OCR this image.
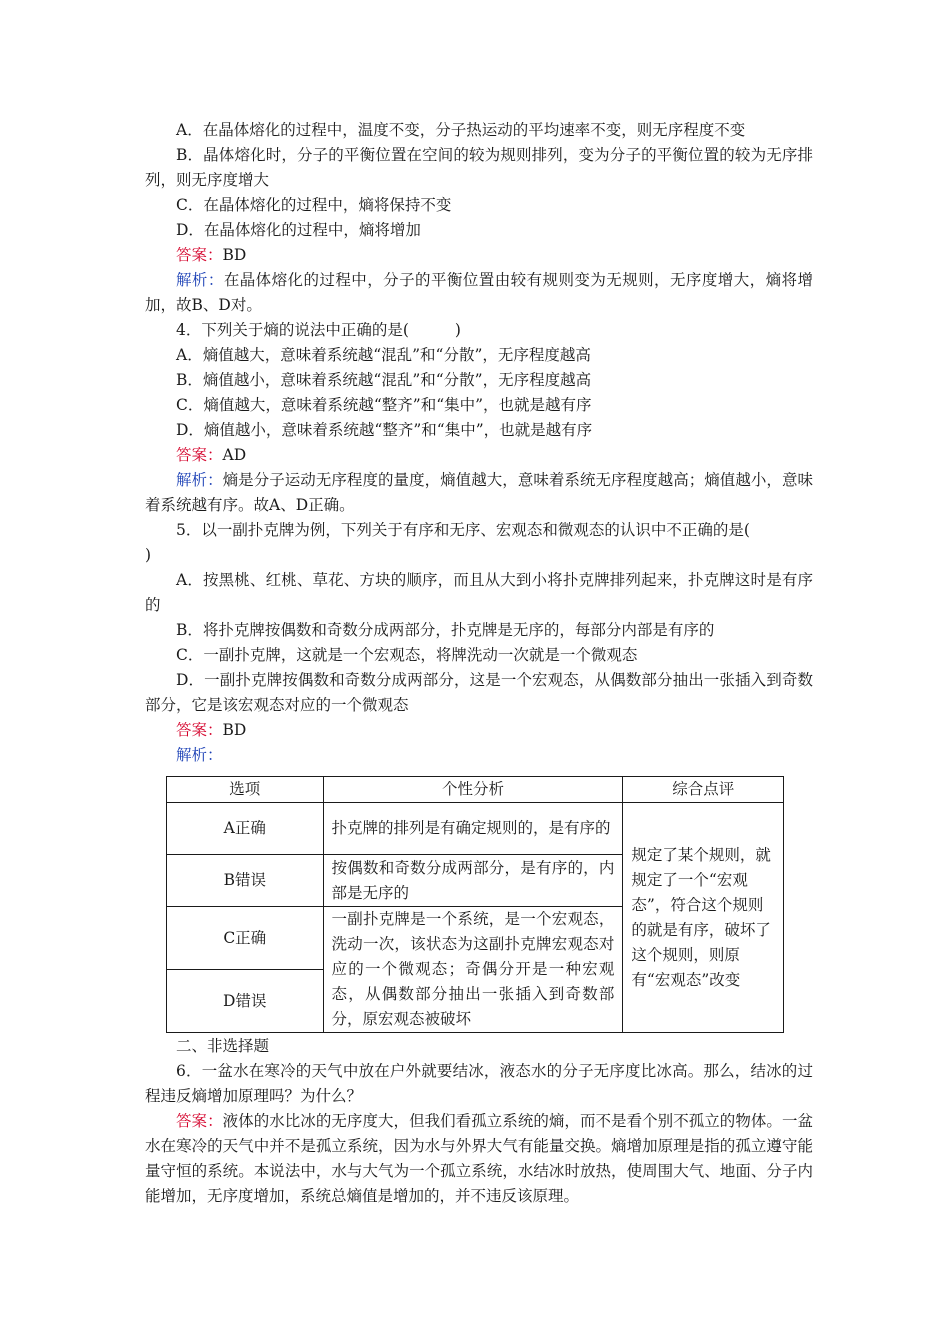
A．在晶体熔化的过程中，温度不变，分子热运动的平均速率不变，则无序程度不变

B．晶体熔化时，分子的平衡位置在空间的较为规则排列，变为分子的平衡位置的较为无序排列，则无序度增大

C．在晶体熔化的过程中，熵将保持不变

D．在晶体熔化的过程中，熵将增加

答案：BD

解析：在晶体熔化的过程中，分子的平衡位置由较有规则变为无规则，无序度增大，熵将增加，故B、D对。

4．下列关于熵的说法中正确的是(	)

A．熵值越大，意味着系统越“混乱”和“分散”，无序程度越高

B．熵值越小，意味着系统越“混乱”和“分散”，无序程度越高

C．熵值越大，意味着系统越“整齐”和“集中”，也就是越有序

D．熵值越小，意味着系统越“整齐”和“集中”，也就是越有序

答案：AD

解析：熵是分子运动无序程度的量度，熵值越大，意味着系统无序程度越高；熵值越小，意味着系统越有序。故A、D正确。

5．以一副扑克牌为例，下列关于有序和无序、宏观态和微观态的认识中不正确的是(
)

A．按黑桃、红桃、草花、方块的顺序，而且从大到小将扑克牌排列起来，扑克牌这时是有序的

B．将扑克牌按偶数和奇数分成两部分，扑克牌是无序的，每部分内部是有序的

C．一副扑克牌，这就是一个宏观态，将牌洗动一次就是一个微观态

D．一副扑克牌按偶数和奇数分成两部分，这是一个宏观态，从偶数部分抽出一张插入到奇数部分，它是该宏观态对应的一个微观态

答案：BD

解析：

选项	个性分析	综合点评
A正确	扑克牌的排列是有确定规则的，是有序的	规定了某个规则，就规定了一个“宏观态”，符合这个规则的就是有序，破坏了这个规则，则原有“宏观态”改变
B错误	按偶数和奇数分成两部分，是有序的，内部是无序的	
C正确	一副扑克牌是一个系统，是一个宏观态，洗动一次，该状态为这副扑克牌宏观态对应的一个微观态；奇偶分开是一种宏观态，从偶数部分抽出一张插入到奇数部分，原宏观态被破坏	
D错误		

二、非选择题

6．一盆水在寒冷的天气中放在户外就要结冰，液态水的分子无序度比冰高。那么，结冰的过程违反熵增加原理吗？为什么？

答案：液体的水比冰的无序度大，但我们看孤立系统的熵，而不是看个别不孤立的物体。一盆水在寒冷的天气中并不是孤立系统，因为水与外界大气有能量交换。熵增加原理是指的孤立遵守能量守恒的系统。本说法中，水与大气为一个孤立系统，水结冰时放热，使周围大气、地面、分子内能增加，无序度增加，系统总熵值是增加的，并不违反该原理。
